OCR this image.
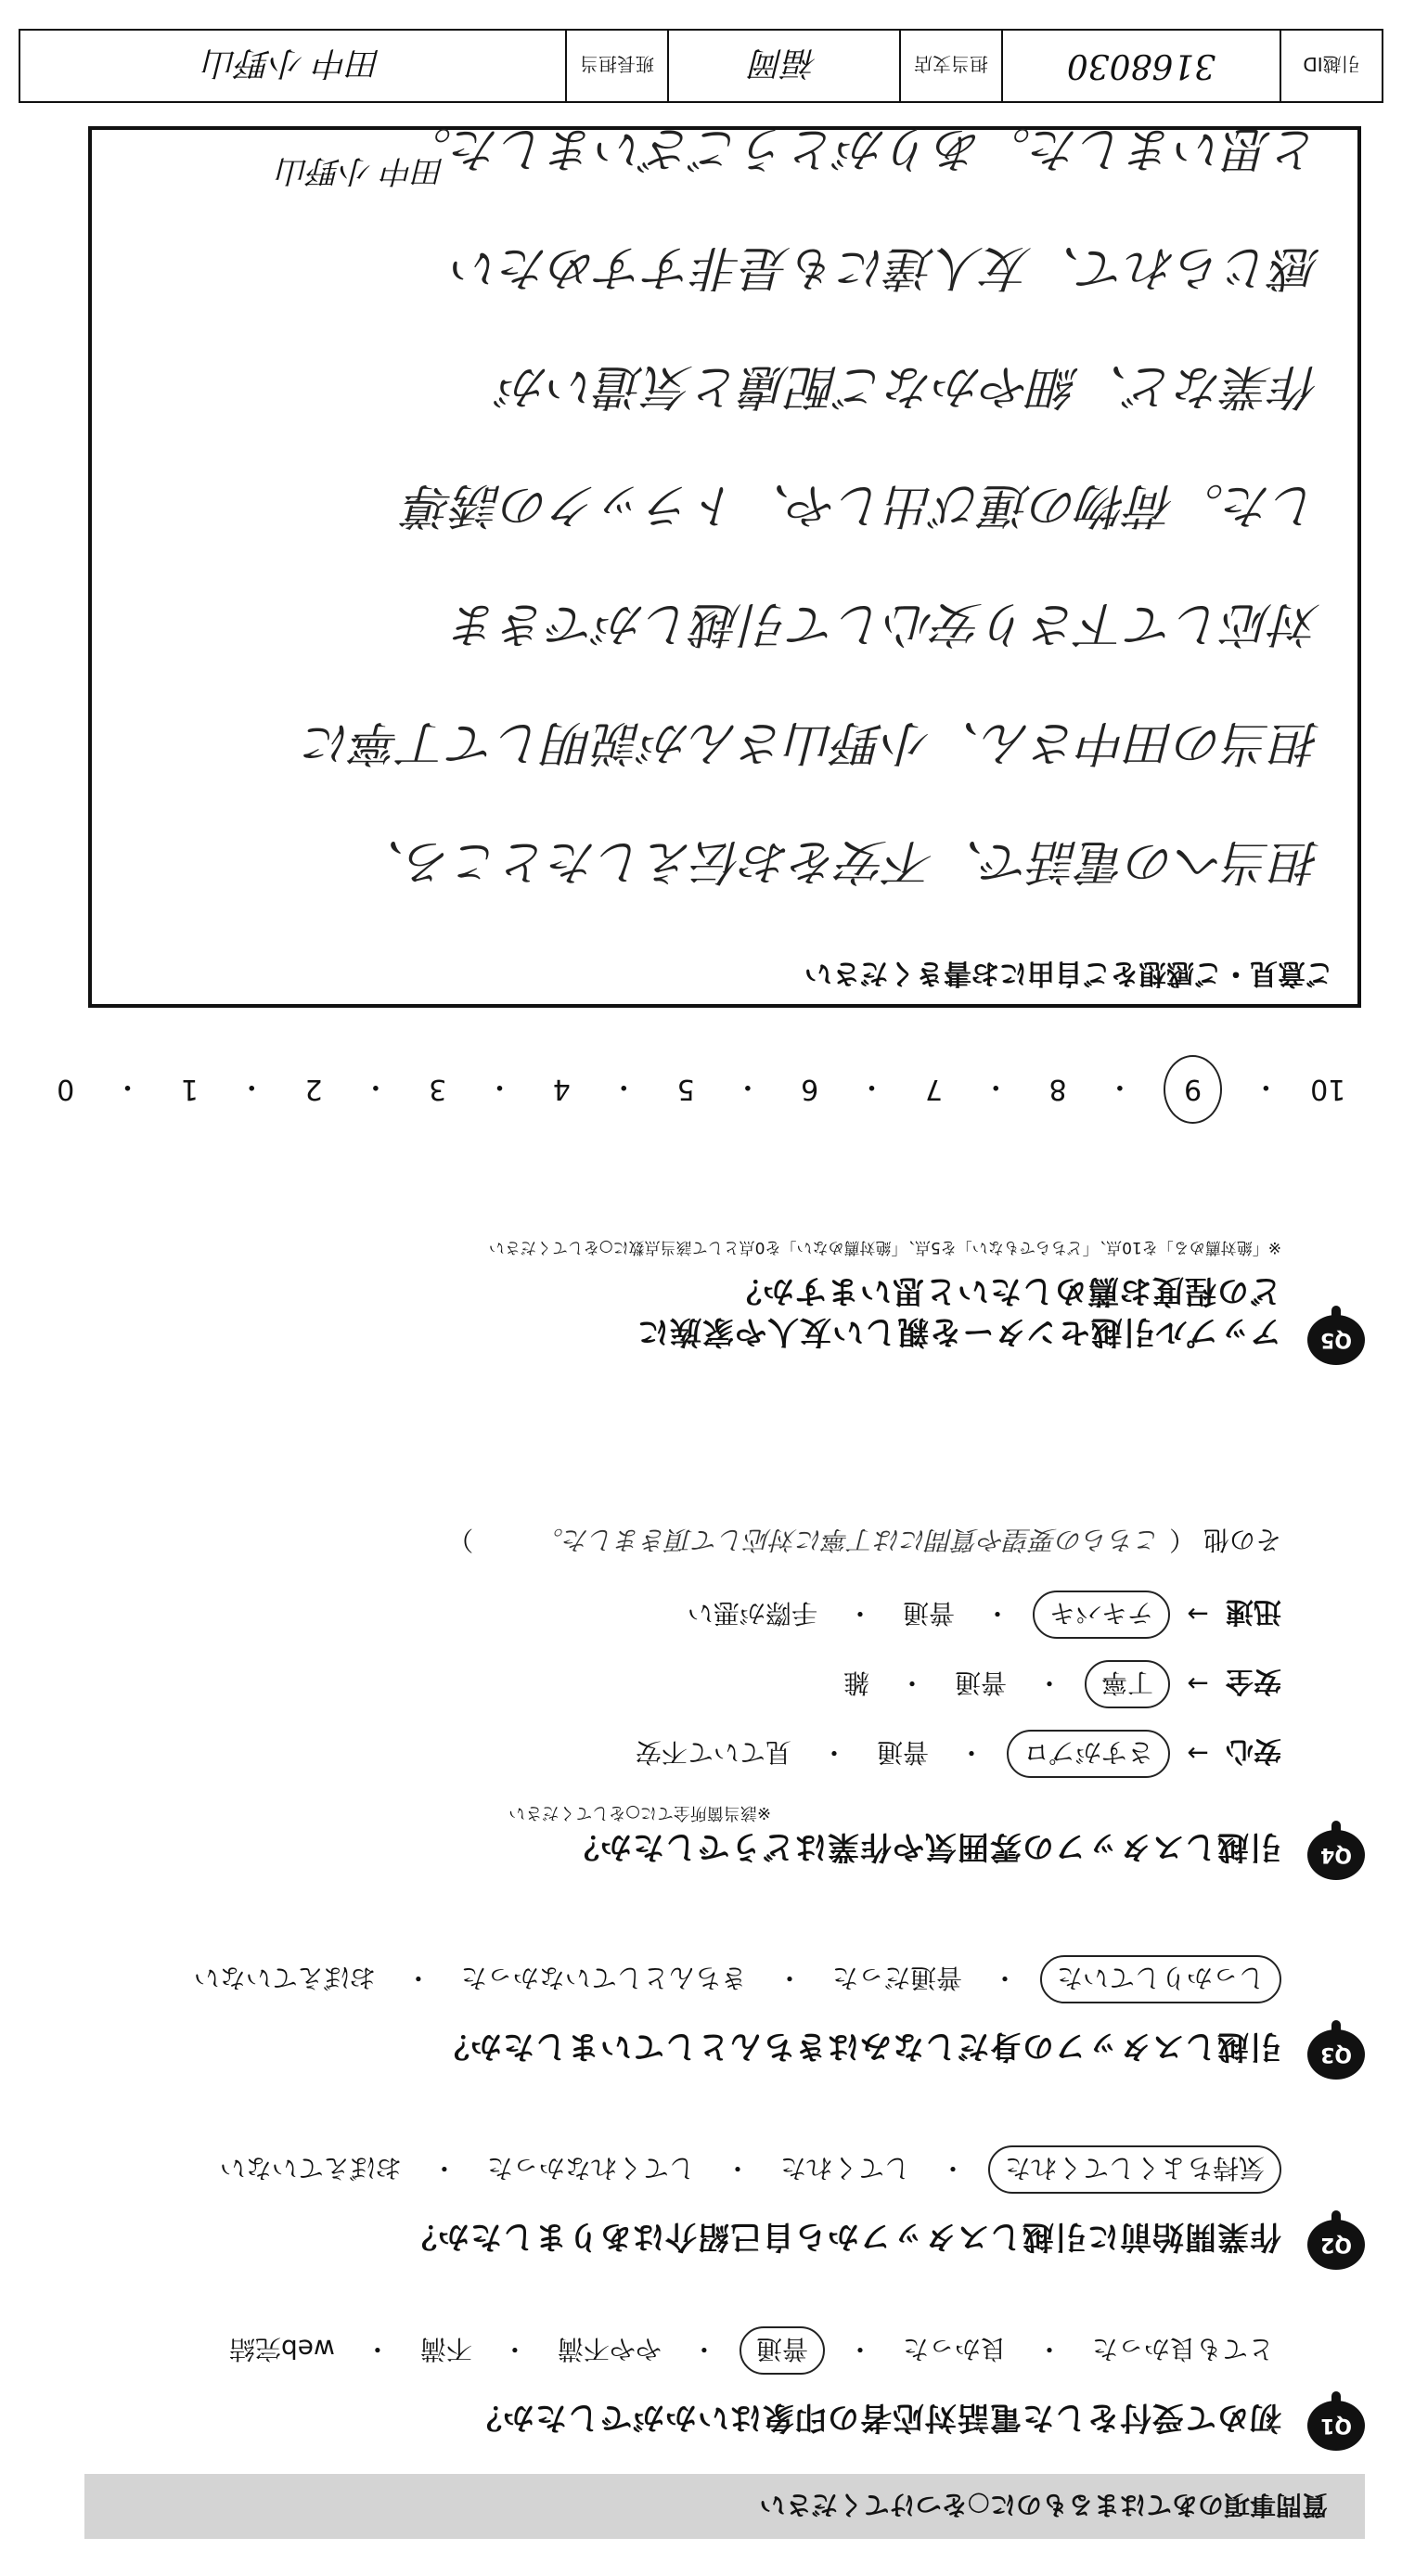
質問事項のあてはまるものに○をつけてください
Q1
初めて受付をした電話対応者の印象はいかがでしたか？
とても良かった
・
良かった
・
普通
・
やや不満
・
不満
・
web完結
Q2
作業開始前に引越しスタッフから自己紹介はありましたか？
気持ちよくしてくれた
・
してくれた
・
してくれなかった
・
おぼえていない
Q3
引越しスタッフの身だしなみはきちんとしていましたか？
しっかりしていた
・
普通だった
・
きちんとしていなかった
・
おぼえていない
Q4
引越しスタッフの雰囲気や作業はどうでしたか？
※該当箇所全てに○をしてください
安心
→
さすがプロ
・
普通
・
見ていて不安
安全
→
丁寧
・
普通
・
雑
迅速
→
テキパキ
・
普通
・
手際が悪い
その他 （ こちらの要望や質問には丁寧に対応して頂きました。 ）
Q5
アップル引越センターを親しい友人や家族に
どの程度お薦めしたいと思いますか？
※「絶対薦める」を10点、「どちらでもない」を5点、「絶対薦めない」を0点として該当点数に○をしてください
10
・
9
・
8
・
7
・
6
・
5
・
4
・
3
・
2
・
1
・
0
ご意見・ご感想をご自由にお書きください
担当への電話で、不安をお伝えしたところ、
担当の田中さん、小野山さんが説明して丁寧に
対応して下さり安心して引越しができま
した。荷物の運び出しや、トラックの誘導
作業など、細やかなご配慮と気遣いが
感じられて、友人達にも是非すすめたい
と思いました。ありがとうございました。
田中 小野山
引越ID
3168030
担当支店
福岡
班長担当
田中 小野山
